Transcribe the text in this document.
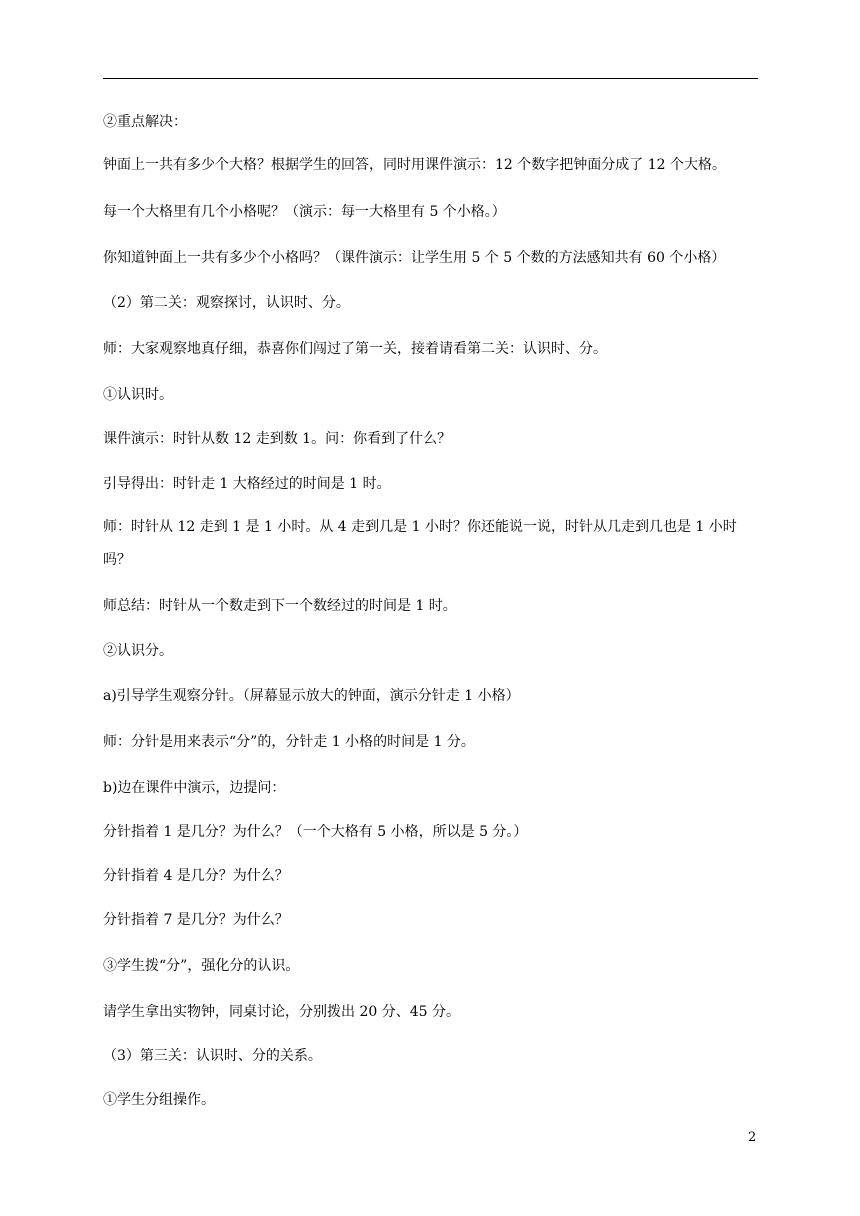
②重点解决：
钟面上一共有多少个大格？根据学生的回答，同时用课件演示：12 个数字把钟面分成了 12 个大格。
每一个大格里有几个小格呢？（演示：每一大格里有 5 个小格。）
你知道钟面上一共有多少个小格吗？（课件演示：让学生用 5 个 5 个数的方法感知共有 60 个小格）
（2）第二关：观察探讨，认识时、分。
师：大家观察地真仔细，恭喜你们闯过了第一关，接着请看第二关：认识时、分。
①认识时。
课件演示：时针从数 12 走到数 1。问：你看到了什么？
引导得出：时针走 1 大格经过的时间是 1 时。
师：时针从 12 走到 1 是 1 小时。从 4 走到几是 1 小时？你还能说一说，时针从几走到几也是 1 小时
吗？
师总结：时针从一个数走到下一个数经过的时间是 1 时。
②认识分。
a)引导学生观察分针。（屏幕显示放大的钟面，演示分针走 1 小格）
师：分针是用来表示“分”的，分针走 1 小格的时间是 1 分。
b)边在课件中演示，边提问：
分针指着 1 是几分？为什么？（一个大格有 5 小格，所以是 5 分。）
分针指着 4 是几分？为什么？
分针指着 7 是几分？为什么？
③学生拨“分”，强化分的认识。
请学生拿出实物钟，同桌讨论，分别拨出 20 分、45 分。
（3）第三关：认识时、分的关系。
①学生分组操作。
2
